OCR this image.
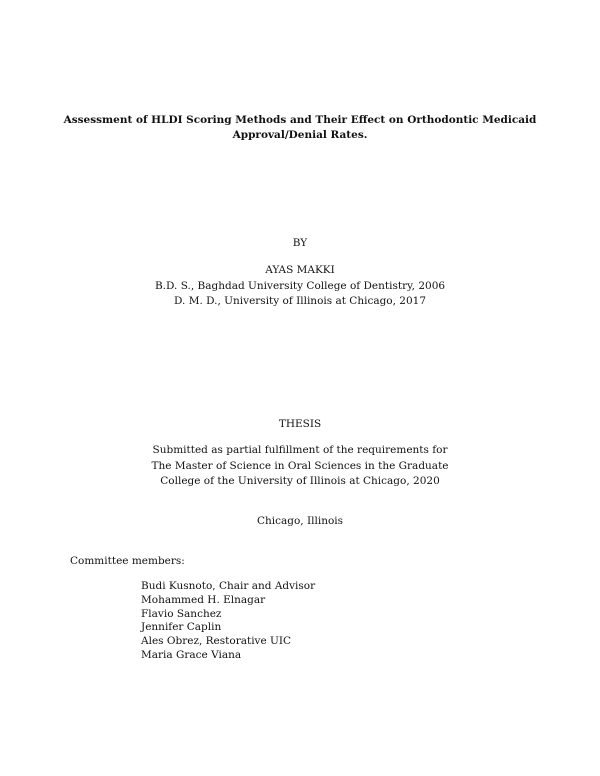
Assessment of HLDI Scoring Methods and Their Effect on Orthodontic Medicaid
Approval/Denial Rates.
BY
AYAS MAKKI
B.D. S., Baghdad University College of Dentistry, 2006
D. M. D., University of Illinois at Chicago, 2017
THESIS
Submitted as partial fulfillment of the requirements for
The Master of Science in Oral Sciences in the Graduate
College of the University of Illinois at Chicago, 2020
Chicago, Illinois
Committee members:
Budi Kusnoto, Chair and Advisor
Mohammed H. Elnagar
Flavio Sanchez
Jennifer Caplin
Ales Obrez, Restorative UIC
Maria Grace Viana
